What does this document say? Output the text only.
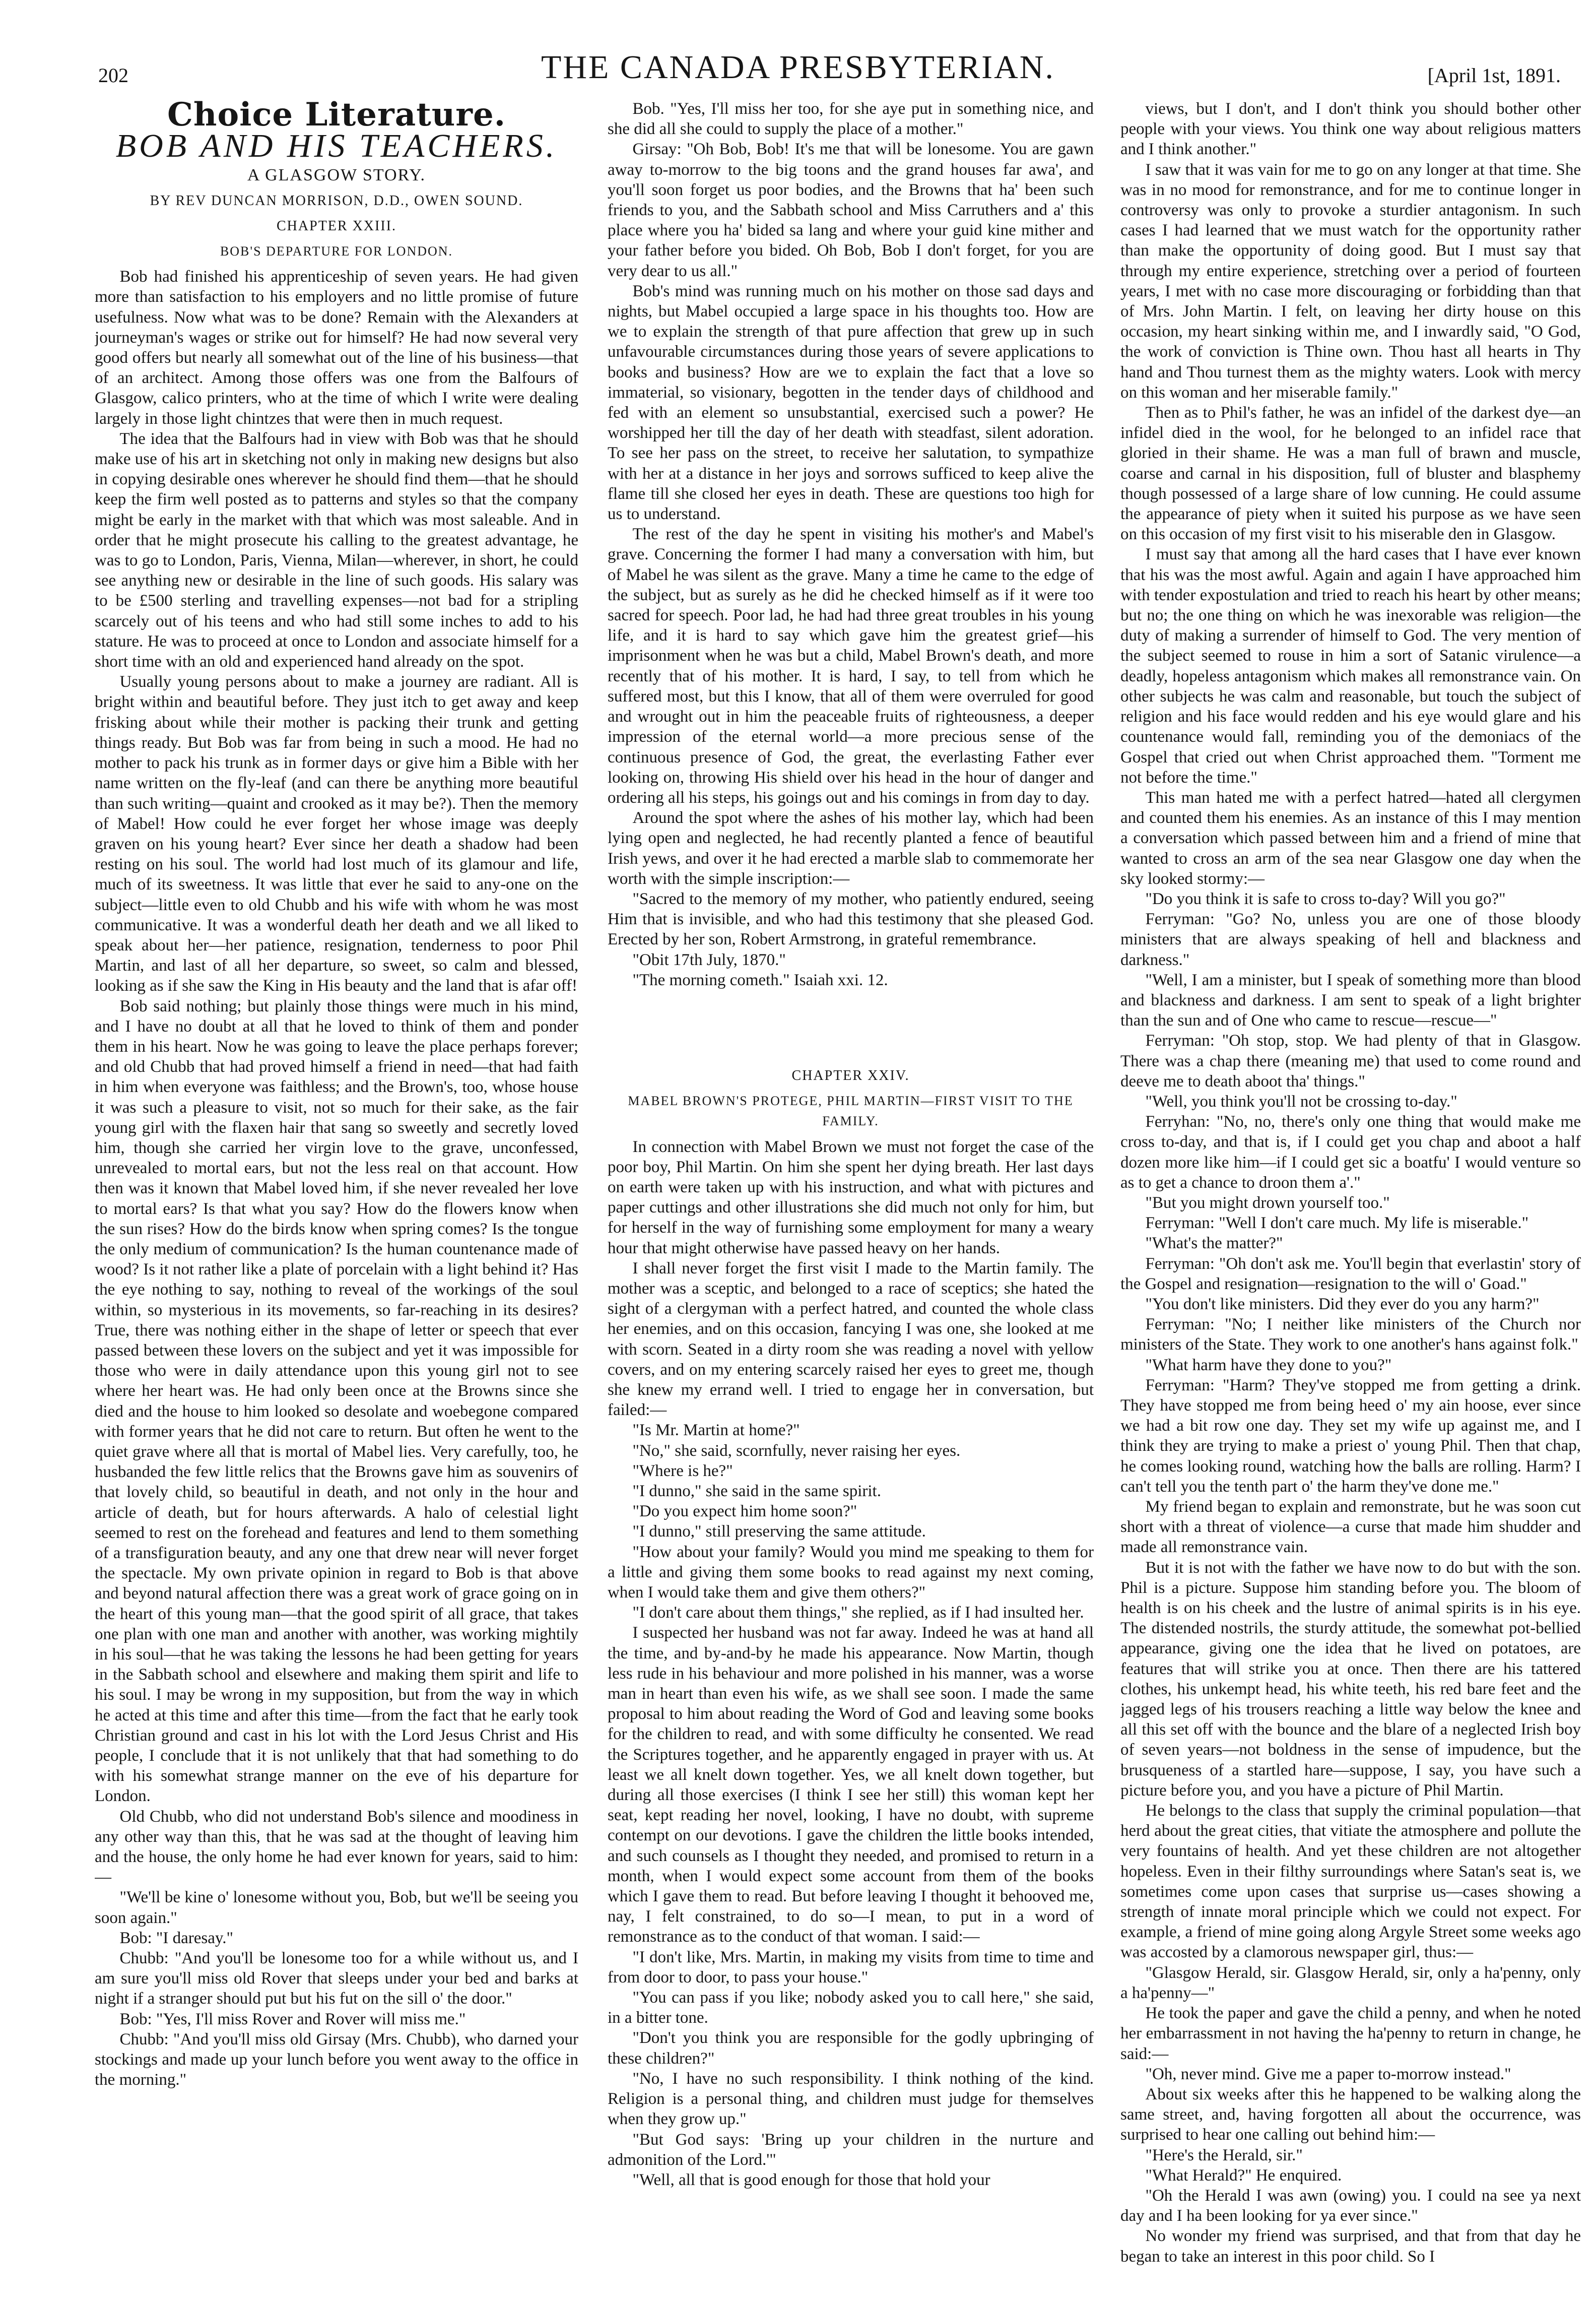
202	THE CANADA PRESBYTERIAN.	[April 1st, 1891.
Choice Literature.
BOB AND HIS TEACHERS.
A GLASGOW STORY.
BY REV DUNCAN MORRISON, D.D., OWEN SOUND.
CHAPTER XXIII.
BOB'S DEPARTURE FOR LONDON.

Bob had finished his apprenticeship of seven years. He had given more than satisfaction to his employers and no little promise of future usefulness. Now what was to be done? Remain with the Alexanders at journeyman's wages or strike out for himself? He had now several very good offers but nearly all somewhat out of the line of his business—that of an architect. Among those offers was one from the Balfours of Glasgow, calico printers, who at the time of which I write were dealing largely in those light chintzes that were then in much request.

The idea that the Balfours had in view with Bob was that he should make use of his art in sketching not only in making new designs but also in copying desirable ones wherever he should find them—that he should keep the firm well posted as to patterns and styles so that the company might be early in the market with that which was most saleable. And in order that he might prosecute his calling to the greatest advantage, he was to go to London, Paris, Vienna, Milan—wherever, in short, he could see anything new or desirable in the line of such goods. His salary was to be £500 sterling and travelling expenses—not bad for a stripling scarcely out of his teens and who had still some inches to add to his stature. He was to proceed at once to London and associate himself for a short time with an old and experienced hand already on the spot.

Usually young persons about to make a journey are radiant. All is bright within and beautiful before. They just itch to get away and keep frisking about while their mother is packing their trunk and getting things ready. But Bob was far from being in such a mood. He had no mother to pack his trunk as in former days or give him a Bible with her name written on the fly-leaf (and can there be anything more beautiful than such writing—quaint and crooked as it may be?). Then the memory of Mabel! How could he ever forget her whose image was deeply graven on his young heart? Ever since her death a shadow had been resting on his soul. The world had lost much of its glamour and life, much of its sweetness. It was little that ever he said to any-one on the subject—little even to old Chubb and his wife with whom he was most communicative. It was a wonderful death her death and we all liked to speak about her—her patience, resignation, tenderness to poor Phil Martin, and last of all her departure, so sweet, so calm and blessed, looking as if she saw the King in His beauty and the land that is afar off!

Bob said nothing; but plainly those things were much in his mind, and I have no doubt at all that he loved to think of them and ponder them in his heart. Now he was going to leave the place perhaps forever; and old Chubb that had proved himself a friend in need—that had faith in him when everyone was faithless; and the Brown's, too, whose house it was such a pleasure to visit, not so much for their sake, as the fair young girl with the flaxen hair that sang so sweetly and secretly loved him, though she carried her virgin love to the grave, unconfessed, unrevealed to mortal ears, but not the less real on that account. How then was it known that Mabel loved him, if she never revealed her love to mortal ears? Is that what you say? How do the flowers know when the sun rises? How do the birds know when spring comes? Is the tongue the only medium of communication? Is the human countenance made of wood? Is it not rather like a plate of porcelain with a light behind it? Has the eye nothing to say, nothing to reveal of the workings of the soul within, so mysterious in its movements, so far-reaching in its desires? True, there was nothing either in the shape of letter or speech that ever passed between these lovers on the subject and yet it was impossible for those who were in daily attendance upon this young girl not to see where her heart was. He had only been once at the Browns since she died and the house to him looked so desolate and woebegone compared with former years that he did not care to return. But often he went to the quiet grave where all that is mortal of Mabel lies. Very carefully, too, he husbanded the few little relics that the Browns gave him as souvenirs of that lovely child, so beautiful in death, and not only in the hour and article of death, but for hours afterwards. A halo of celestial light seemed to rest on the forehead and features and lend to them something of a transfiguration beauty, and any one that drew near will never forget the spectacle. My own private opinion in regard to Bob is that above and beyond natural affection there was a great work of grace going on in the heart of this young man—that the good spirit of all grace, that takes one plan with one man and another with another, was working mightily in his soul—that he was taking the lessons he had been getting for years in the Sabbath school and elsewhere and making them spirit and life to his soul. I may be wrong in my supposition, but from the way in which he acted at this time and after this time—from the fact that he early took Christian ground and cast in his lot with the Lord Jesus Christ and His people, I conclude that it is not unlikely that that had something to do with his somewhat strange manner on the eve of his departure for London.

Old Chubb, who did not understand Bob's silence and moodiness in any other way than this, that he was sad at the thought of leaving him and the house, the only home he had ever known for years, said to him:—

"We'll be kine o' lonesome without you, Bob, but we'll be seeing you soon again."

Bob: "I daresay."

Chubb: "And you'll be lonesome too for a while without us, and I am sure you'll miss old Rover that sleeps under your bed and barks at night if a stranger should put but his fut on the sill o' the door."

Bob: "Yes, I'll miss Rover and Rover will miss me."

Chubb: "And you'll miss old Girsay (Mrs. Chubb), who darned your stockings and made up your lunch before you went away to the office in the morning."

Bob. "Yes, I'll miss her too, for she aye put in something nice, and she did all she could to supply the place of a mother."

Girsay: "Oh Bob, Bob! It's me that will be lonesome. You are gawn away to-morrow to the big toons and the grand houses far awa', and you'll soon forget us poor bodies, and the Browns that ha' been such friends to you, and the Sabbath school and Miss Carruthers and a' this place where you ha' bided sa lang and where your guid kine mither and your father before you bided. Oh Bob, Bob I don't forget, for you are very dear to us all."

Bob's mind was running much on his mother on those sad days and nights, but Mabel occupied a large space in his thoughts too. How are we to explain the strength of that pure affection that grew up in such unfavourable circumstances during those years of severe applications to books and business? How are we to explain the fact that a love so immaterial, so visionary, begotten in the tender days of childhood and fed with an element so unsubstantial, exercised such a power? He worshipped her till the day of her death with steadfast, silent adoration. To see her pass on the street, to receive her salutation, to sympathize with her at a distance in her joys and sorrows sufficed to keep alive the flame till she closed her eyes in death. These are questions too high for us to understand.

The rest of the day he spent in visiting his mother's and Mabel's grave. Concerning the former I had many a conversation with him, but of Mabel he was silent as the grave. Many a time he came to the edge of the subject, but as surely as he did he checked himself as if it were too sacred for speech. Poor lad, he had had three great troubles in his young life, and it is hard to say which gave him the greatest grief—his imprisonment when he was but a child, Mabel Brown's death, and more recently that of his mother. It is hard, I say, to tell from which he suffered most, but this I know, that all of them were overruled for good and wrought out in him the peaceable fruits of righteousness, a deeper impression of the eternal world—a more precious sense of the continuous presence of God, the great, the everlasting Father ever looking on, throwing His shield over his head in the hour of danger and ordering all his steps, his goings out and his comings in from day to day.

Around the spot where the ashes of his mother lay, which had been lying open and neglected, he had recently planted a fence of beautiful Irish yews, and over it he had erected a marble slab to commemorate her worth with the simple inscription:—

"Sacred to the memory of my mother, who patiently endured, seeing Him that is invisible, and who had this testimony that she pleased God. Erected by her son, Robert Armstrong, in grateful remembrance.

"Obit 17th July, 1870."

"The morning cometh." Isaiah xxi. 12.

CHAPTER XXIV.
MABEL BROWN'S PROTEGE, PHIL MARTIN—FIRST VISIT TO THE FAMILY.

In connection with Mabel Brown we must not forget the case of the poor boy, Phil Martin. On him she spent her dying breath. Her last days on earth were taken up with his instruction, and what with pictures and paper cuttings and other illustrations she did much not only for him, but for herself in the way of furnishing some employment for many a weary hour that might otherwise have passed heavy on her hands.

I shall never forget the first visit I made to the Martin family. The mother was a sceptic, and belonged to a race of sceptics; she hated the sight of a clergyman with a perfect hatred, and counted the whole class her enemies, and on this occasion, fancying I was one, she looked at me with scorn. Seated in a dirty room she was reading a novel with yellow covers, and on my entering scarcely raised her eyes to greet me, though she knew my errand well. I tried to engage her in conversation, but failed:—

"Is Mr. Martin at home?"

"No," she said, scornfully, never raising her eyes.

"Where is he?"

"I dunno," she said in the same spirit.

"Do you expect him home soon?"

"I dunno," still preserving the same attitude.

"How about your family? Would you mind me speaking to them for a little and giving them some books to read against my next coming, when I would take them and give them others?"

"I don't care about them things," she replied, as if I had insulted her.

I suspected her husband was not far away. Indeed he was at hand all the time, and by-and-by he made his appearance. Now Martin, though less rude in his behaviour and more polished in his manner, was a worse man in heart than even his wife, as we shall see soon. I made the same proposal to him about reading the Word of God and leaving some books for the children to read, and with some difficulty he consented. We read the Scriptures together, and he apparently engaged in prayer with us. At least we all knelt down together. Yes, we all knelt down together, but during all those exercises (I think I see her still) this woman kept her seat, kept reading her novel, looking, I have no doubt, with supreme contempt on our devotions. I gave the children the little books intended, and such counsels as I thought they needed, and promised to return in a month, when I would expect some account from them of the books which I gave them to read. But before leaving I thought it behooved me, nay, I felt constrained, to do so—I mean, to put in a word of remonstrance as to the conduct of that woman. I said:—

"I don't like, Mrs. Martin, in making my visits from time to time and from door to door, to pass your house."

"You can pass if you like; nobody asked you to call here," she said, in a bitter tone.

"Don't you think you are responsible for the godly upbringing of these children?"

"No, I have no such responsibility. I think nothing of the kind. Religion is a personal thing, and children must judge for themselves when they grow up."

"But God says: 'Bring up your children in the nurture and admonition of the Lord.'"

"Well, all that is good enough for those that hold your

views, but I don't, and I don't think you should bother other people with your views. You think one way about religious matters and I think another."

I saw that it was vain for me to go on any longer at that time. She was in no mood for remonstrance, and for me to continue longer in controversy was only to provoke a sturdier antagonism. In such cases I had learned that we must watch for the opportunity rather than make the opportunity of doing good. But I must say that through my entire experience, stretching over a period of fourteen years, I met with no case more discouraging or forbidding than that of Mrs. John Martin. I felt, on leaving her dirty house on this occasion, my heart sinking within me, and I inwardly said, "O God, the work of conviction is Thine own. Thou hast all hearts in Thy hand and Thou turnest them as the mighty waters. Look with mercy on this woman and her miserable family."

Then as to Phil's father, he was an infidel of the darkest dye—an infidel died in the wool, for he belonged to an infidel race that gloried in their shame. He was a man full of brawn and muscle, coarse and carnal in his disposition, full of bluster and blasphemy though possessed of a large share of low cunning. He could assume the appearance of piety when it suited his purpose as we have seen on this occasion of my first visit to his miserable den in Glasgow.

I must say that among all the hard cases that I have ever known that his was the most awful. Again and again I have approached him with tender expostulation and tried to reach his heart by other means; but no; the one thing on which he was inexorable was religion—the duty of making a surrender of himself to God. The very mention of the subject seemed to rouse in him a sort of Satanic virulence—a deadly, hopeless antagonism which makes all remonstrance vain. On other subjects he was calm and reasonable, but touch the subject of religion and his face would redden and his eye would glare and his countenance would fall, reminding you of the demoniacs of the Gospel that cried out when Christ approached them. "Torment me not before the time."

This man hated me with a perfect hatred—hated all clergymen and counted them his enemies. As an instance of this I may mention a conversation which passed between him and a friend of mine that wanted to cross an arm of the sea near Glasgow one day when the sky looked stormy:—

"Do you think it is safe to cross to-day? Will you go?"

Ferryman: "Go? No, unless you are one of those bloody ministers that are always speaking of hell and blackness and darkness."

"Well, I am a minister, but I speak of something more than blood and blackness and darkness. I am sent to speak of a light brighter than the sun and of One who came to rescue—rescue—"

Ferryman: "Oh stop, stop. We had plenty of that in Glasgow. There was a chap there (meaning me) that used to come round and deeve me to death aboot tha' things."

"Well, you think you'll not be crossing to-day."

Ferryhan: "No, no, there's only one thing that would make me cross to-day, and that is, if I could get you chap and aboot a half dozen more like him—if I could get sic a boatfu' I would venture so as to get a chance to droon them a'."

"But you might drown yourself too."

Ferryman: "Well I don't care much. My life is miserable."

"What's the matter?"

Ferryman: "Oh don't ask me. You'll begin that everlastin' story of the Gospel and resignation—resignation to the will o' Goad."

"You don't like ministers. Did they ever do you any harm?"

Ferryman: "No; I neither like ministers of the Church nor ministers of the State. They work to one another's hans against folk."

"What harm have they done to you?"

Ferryman: "Harm? They've stopped me from getting a drink. They have stopped me from being heed o' my ain hoose, ever since we had a bit row one day. They set my wife up against me, and I think they are trying to make a priest o' young Phil. Then that chap, he comes looking round, watching how the balls are rolling. Harm? I can't tell you the tenth part o' the harm they've done me."

My friend began to explain and remonstrate, but he was soon cut short with a threat of violence—a curse that made him shudder and made all remonstrance vain.

But it is not with the father we have now to do but with the son. Phil is a picture. Suppose him standing before you. The bloom of health is on his cheek and the lustre of animal spirits is in his eye. The distended nostrils, the sturdy attitude, the somewhat pot-bellied appearance, giving one the idea that he lived on potatoes, are features that will strike you at once. Then there are his tattered clothes, his unkempt head, his white teeth, his red bare feet and the jagged legs of his trousers reaching a little way below the knee and all this set off with the bounce and the blare of a neglected Irish boy of seven years—not boldness in the sense of impudence, but the brusqueness of a startled hare—suppose, I say, you have such a picture before you, and you have a picture of Phil Martin.

He belongs to the class that supply the criminal population—that herd about the great cities, that vitiate the atmosphere and pollute the very fountains of health. And yet these children are not altogether hopeless. Even in their filthy surroundings where Satan's seat is, we sometimes come upon cases that surprise us—cases showing a strength of innate moral principle which we could not expect. For example, a friend of mine going along Argyle Street some weeks ago was accosted by a clamorous newspaper girl, thus:—

"Glasgow Herald, sir. Glasgow Herald, sir, only a ha'penny, only a ha'penny—"

He took the paper and gave the child a penny, and when he noted her embarrassment in not having the ha'penny to return in change, he said:—

"Oh, never mind. Give me a paper to-morrow instead."

About six weeks after this he happened to be walking along the same street, and, having forgotten all about the occurrence, was surprised to hear one calling out behind him:—

"Here's the Herald, sir."

"What Herald?" He enquired.

"Oh the Herald I was awn (owing) you. I could na see ya next day and I ha been looking for ya ever since."

No wonder my friend was surprised, and that from that day he began to take an interest in this poor child. So I
